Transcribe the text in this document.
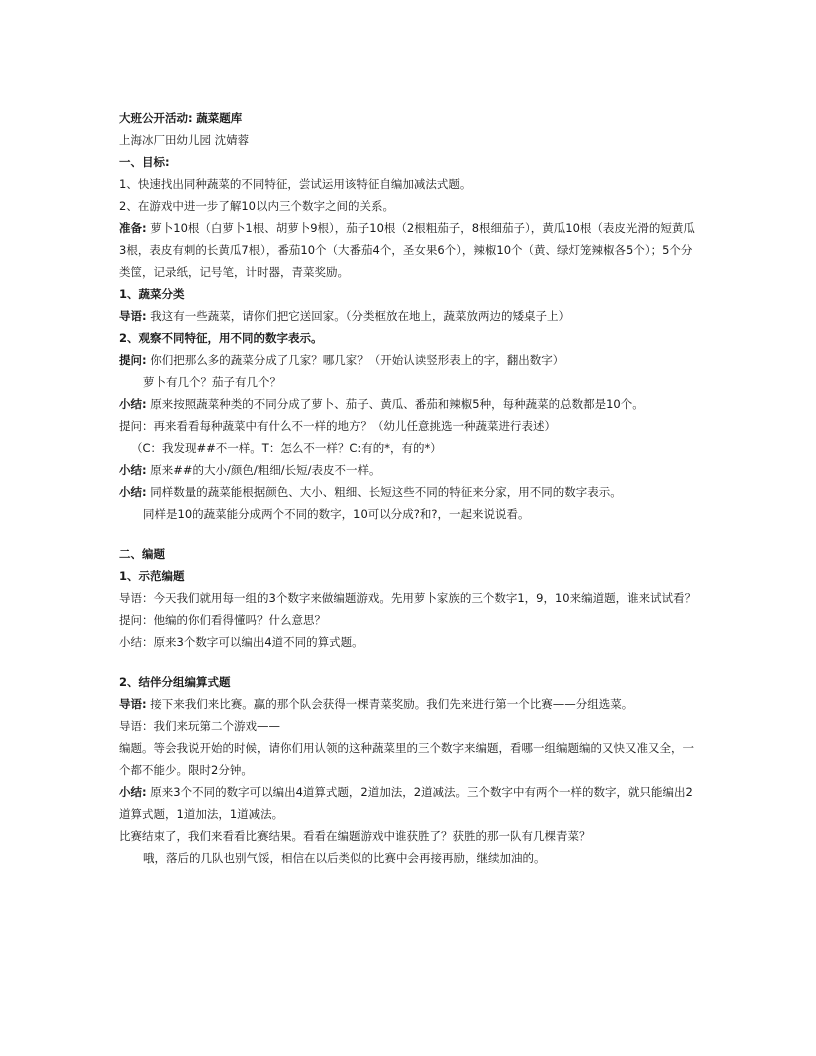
大班公开活动: 蔬菜题库

上海冰厂田幼儿园 沈婧蓉

一、目标:

1、快速找出同种蔬菜的不同特征，尝试运用该特征自编加减法式题。

2、在游戏中进一步了解10以内三个数字之间的关系。

准备: 萝卜10根（白萝卜1根、胡萝卜9根），茄子10根（2根粗茄子，8根细茄子），黄瓜10根（表皮光滑的短黄瓜3根，表皮有刺的长黄瓜7根），番茄10个（大番茄4个，圣女果6个），辣椒10个（黄、绿灯笼辣椒各5个）；5个分类筐，记录纸，记号笔，计时器，青菜奖励。

1、蔬菜分类

导语: 我这有一些蔬菜，请你们把它送回家。（分类框放在地上，蔬菜放两边的矮桌子上）

2、观察不同特征，用不同的数字表示。

提问: 你们把那么多的蔬菜分成了几家？哪几家？（开始认读竖形表上的字，翻出数字）

萝卜有几个？茄子有几个？

小结: 原来按照蔬菜种类的不同分成了萝卜、茄子、黄瓜、番茄和辣椒5种，每种蔬菜的总数都是10个。

提问：再来看看每种蔬菜中有什么不一样的地方？（幼儿任意挑选一种蔬菜进行表述）

（C：我发现##不一样。T：怎么不一样？C:有的*，有的*）

小结: 原来##的大小/颜色/粗细/长短/表皮不一样。

小结: 同样数量的蔬菜能根据颜色、大小、粗细、长短这些不同的特征来分家，用不同的数字表示。

同样是10的蔬菜能分成两个不同的数字，10可以分成?和?，一起来说说看。

二、编题

1、示范编题

导语：今天我们就用每一组的3个数字来做编题游戏。先用萝卜家族的三个数字1，9，10来编道题，谁来试试看？

提问：他编的你们看得懂吗？什么意思？

小结：原来3个数字可以编出4道不同的算式题。

2、结伴分组编算式题

导语: 接下来我们来比赛。赢的那个队会获得一棵青菜奖励。我们先来进行第一个比赛——分组选菜。

导语：我们来玩第二个游戏——

编题。等会我说开始的时候，请你们用认领的这种蔬菜里的三个数字来编题，看哪一组编题编的又快又准又全，一个都不能少。限时2分钟。

小结: 原来3个不同的数字可以编出4道算式题，2道加法，2道减法。三个数字中有两个一样的数字，就只能编出2道算式题，1道加法，1道减法。

比赛结束了，我们来看看比赛结果。看看在编题游戏中谁获胜了？获胜的那一队有几棵青菜？

哦，落后的几队也别气馁，相信在以后类似的比赛中会再接再励，继续加油的。
